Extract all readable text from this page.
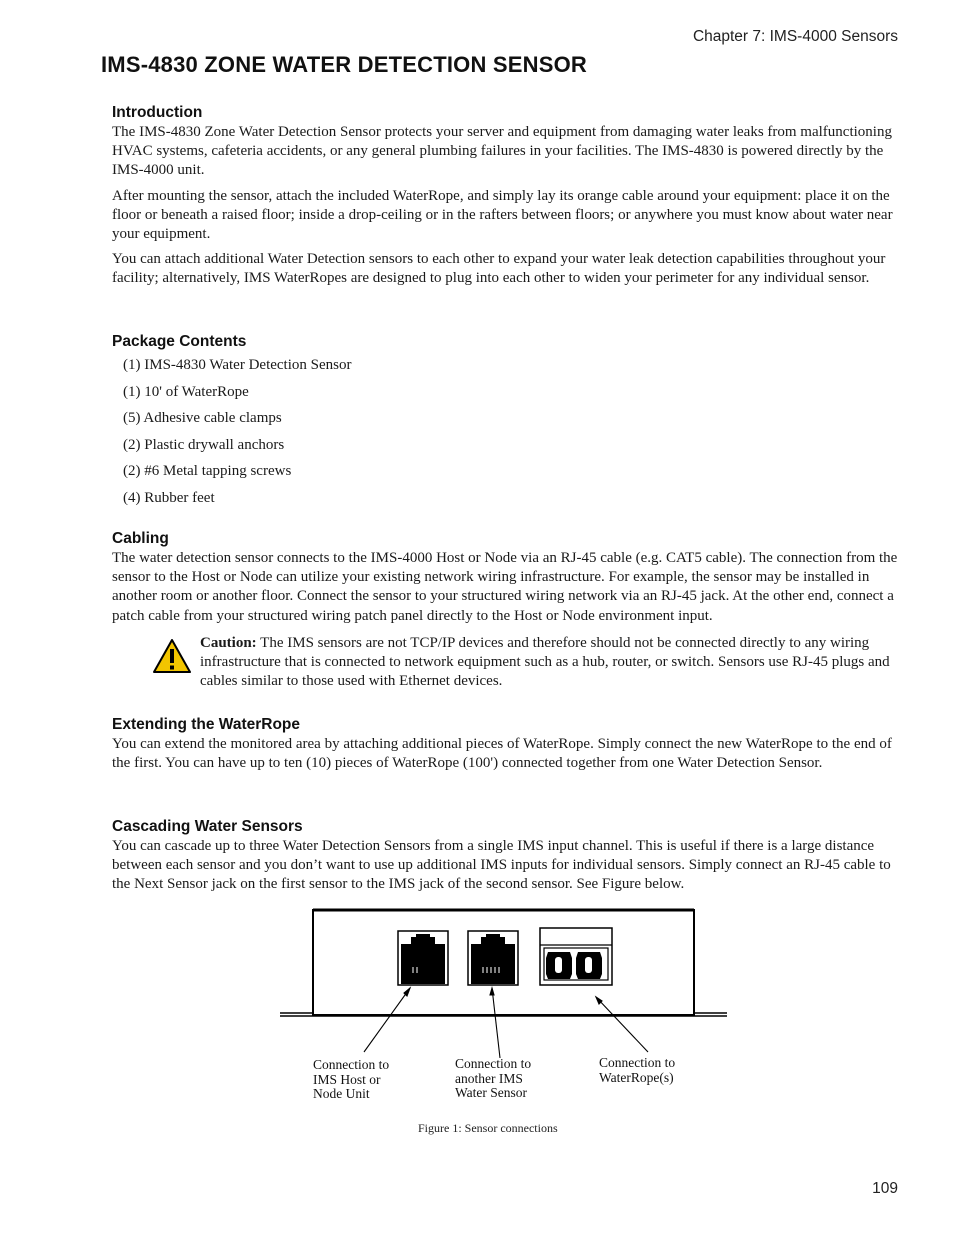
Chapter 7: IMS-4000 Sensors
IMS-4830 ZONE WATER DETECTION SENSOR
Introduction

The IMS-4830 Zone Water Detection Sensor protects your server and equipment from damaging water leaks from malfunctioning HVAC systems, cafeteria accidents, or any general plumbing failures in your facilities. The IMS-4830 is powered directly by the IMS-4000 unit.

After mounting the sensor, attach the included WaterRope, and simply lay its orange cable around your equipment: place it on the floor or beneath a raised floor; inside a drop-ceiling or in the rafters between floors; or anywhere you must know about water near your equipment.

You can attach additional Water Detection sensors to each other to expand your water leak detection capabilities throughout your facility; alternatively, IMS WaterRopes are designed to plug into each other to widen your perimeter for any individual sensor.

Package Contents
(1) IMS-4830 Water Detection Sensor
(1) 10' of WaterRope
(5) Adhesive cable clamps
(2) Plastic drywall anchors
(2) #6 Metal tapping screws
(4) Rubber feet
Cabling

The water detection sensor connects to the IMS-4000 Host or Node via an RJ-45 cable (e.g. CAT5 cable). The connection from the sensor to the Host or Node can utilize your existing network wiring infrastructure. For example, the sensor may be installed in another room or another floor. Connect the sensor to your structured wiring network via an RJ-45 jack. At the other end, connect a patch cable from your structured wiring patch panel directly to the Host or Node environment input.

Caution: The IMS sensors are not TCP/IP devices and therefore should not be connected directly to any wiring infrastructure that is connected to network equipment such as a hub, router, or switch. Sensors use RJ-45 plugs and cables similar to those used with Ethernet devices.
Extending the WaterRope

You can extend the monitored area by attaching additional pieces of WaterRope. Simply connect the new WaterRope to the end of the first. You can have up to ten (10) pieces of WaterRope (100') connected together from one Water Detection Sensor.

Cascading Water Sensors

You can cascade up to three Water Detection Sensors from a single IMS input channel. This is useful if there is a large distance between each sensor and you don’t want to use up additional IMS inputs for individual sensors. Simply connect an RJ-45 cable to the Next Sensor jack on the first sensor to the IMS jack of the second sensor. See Figure below.

Connection to
IMS Host or
Node Unit
Connection to
another IMS
Water Sensor
Connection to
WaterRope(s)
Figure 1: Sensor connections
109
